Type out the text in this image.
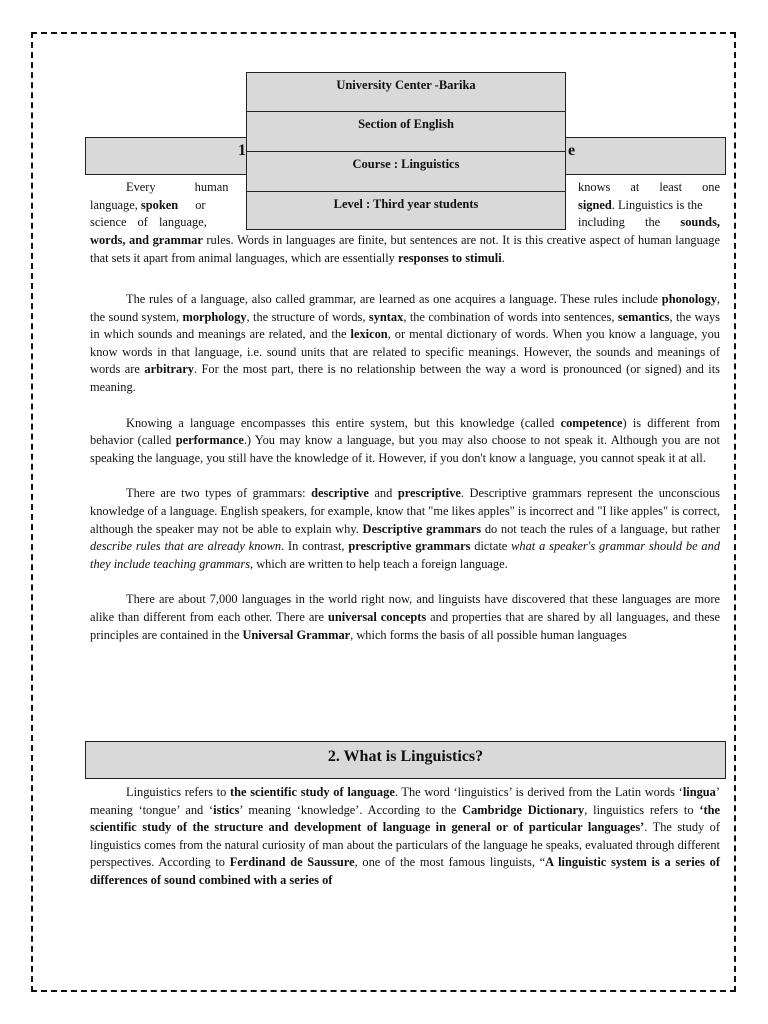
1	e
University Center -Barika
Section of English
Course : Linguistics
Level : Third year students
Every human
language, spoken or
science of language,
knows at least one
signed. Linguistics is the
including the sounds,

words, and grammar rules. Words in languages are finite, but sentences are not. It is this creative aspect of human language that sets it apart from animal languages, which are essentially responses to stimuli.

The rules of a language, also called grammar, are learned as one acquires a language. These rules include phonology, the sound system, morphology, the structure of words, syntax, the combination of words into sentences, semantics, the ways in which sounds and meanings are related, and the lexicon, or mental dictionary of words. When you know a language, you know words in that language, i.e. sound units that are related to specific meanings. However, the sounds and meanings of words are arbitrary. For the most part, there is no relationship between the way a word is pronounced (or signed) and its meaning.

Knowing a language encompasses this entire system, but this knowledge (called competence) is different from behavior (called performance.) You may know a language, but you may also choose to not speak it. Although you are not speaking the language, you still have the knowledge of it. However, if you don't know a language, you cannot speak it at all.

There are two types of grammars: descriptive and prescriptive. Descriptive grammars represent the unconscious knowledge of a language. English speakers, for example, know that "me likes apples" is incorrect and "I like apples" is correct, although the speaker may not be able to explain why. Descriptive grammars do not teach the rules of a language, but rather describe rules that are already known. In contrast, prescriptive grammars dictate what a speaker's grammar should be and they include teaching grammars, which are written to help teach a foreign language.

There are about 7,000 languages in the world right now, and linguists have discovered that these languages are more alike than different from each other. There are universal concepts and properties that are shared by all languages, and these principles are contained in the Universal Grammar, which forms the basis of all possible human languages

2. What is Linguistics?

Linguistics refers to the scientific study of language. The word ‘linguistics’ is derived from the Latin words ‘lingua’ meaning ‘tongue’ and ‘istics’ meaning ‘knowledge’. According to the Cambridge Dictionary, linguistics refers to ‘the scientific study of the structure and development of language in general or of particular languages’. The study of linguistics comes from the natural curiosity of man about the particulars of the language he speaks, evaluated through different perspectives. According to Ferdinand de Saussure, one of the most famous linguists, “A linguistic system is a series of differences of sound combined with a series of
